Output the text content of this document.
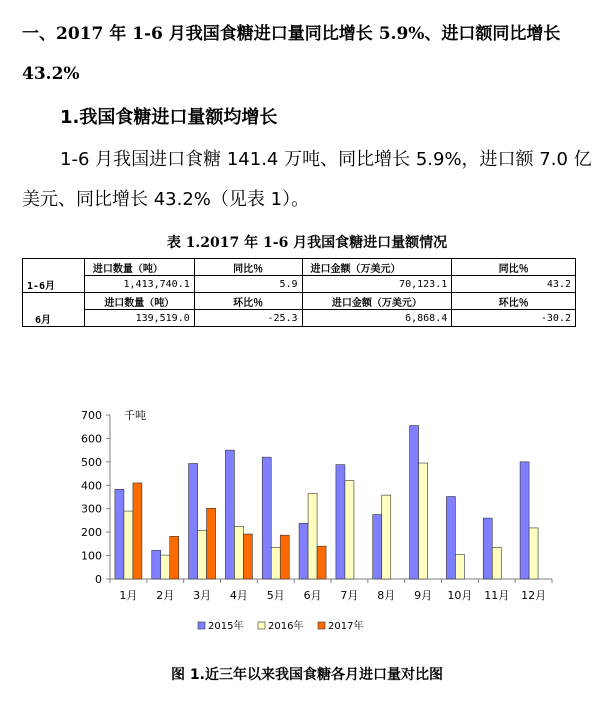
一、2017 年 1-6 月我国食糖进口量同比增长 5.9%、进口额同比增长 43.2%
1.我国食糖进口量额均增长
1-6 月我国进口食糖 141.4 万吨、同比增长 5.9%，进口额 7.0 亿美元、同比增长 43.2%（见表 1）。
表 1.2017 年 1-6 月我国食糖进口量额情况
1-6月	进口数量（吨）	同比％	进口金额（万美元）	同比％
	1,413,740.1	5.9	70,123.1	43.2
6月	进口数量（吨）	环比％	进口金额（万美元）	环比％
	139,519.0	-25.3	6,868.4	-30.2
0
100
200
300
400
500
600
700 千吨
1月 2月 3月 4月 5月 6月 7月 8月 9月 10月 11月 12月
2015年 2016年 2017年
图 1.近三年以来我国食糖各月进口量对比图
